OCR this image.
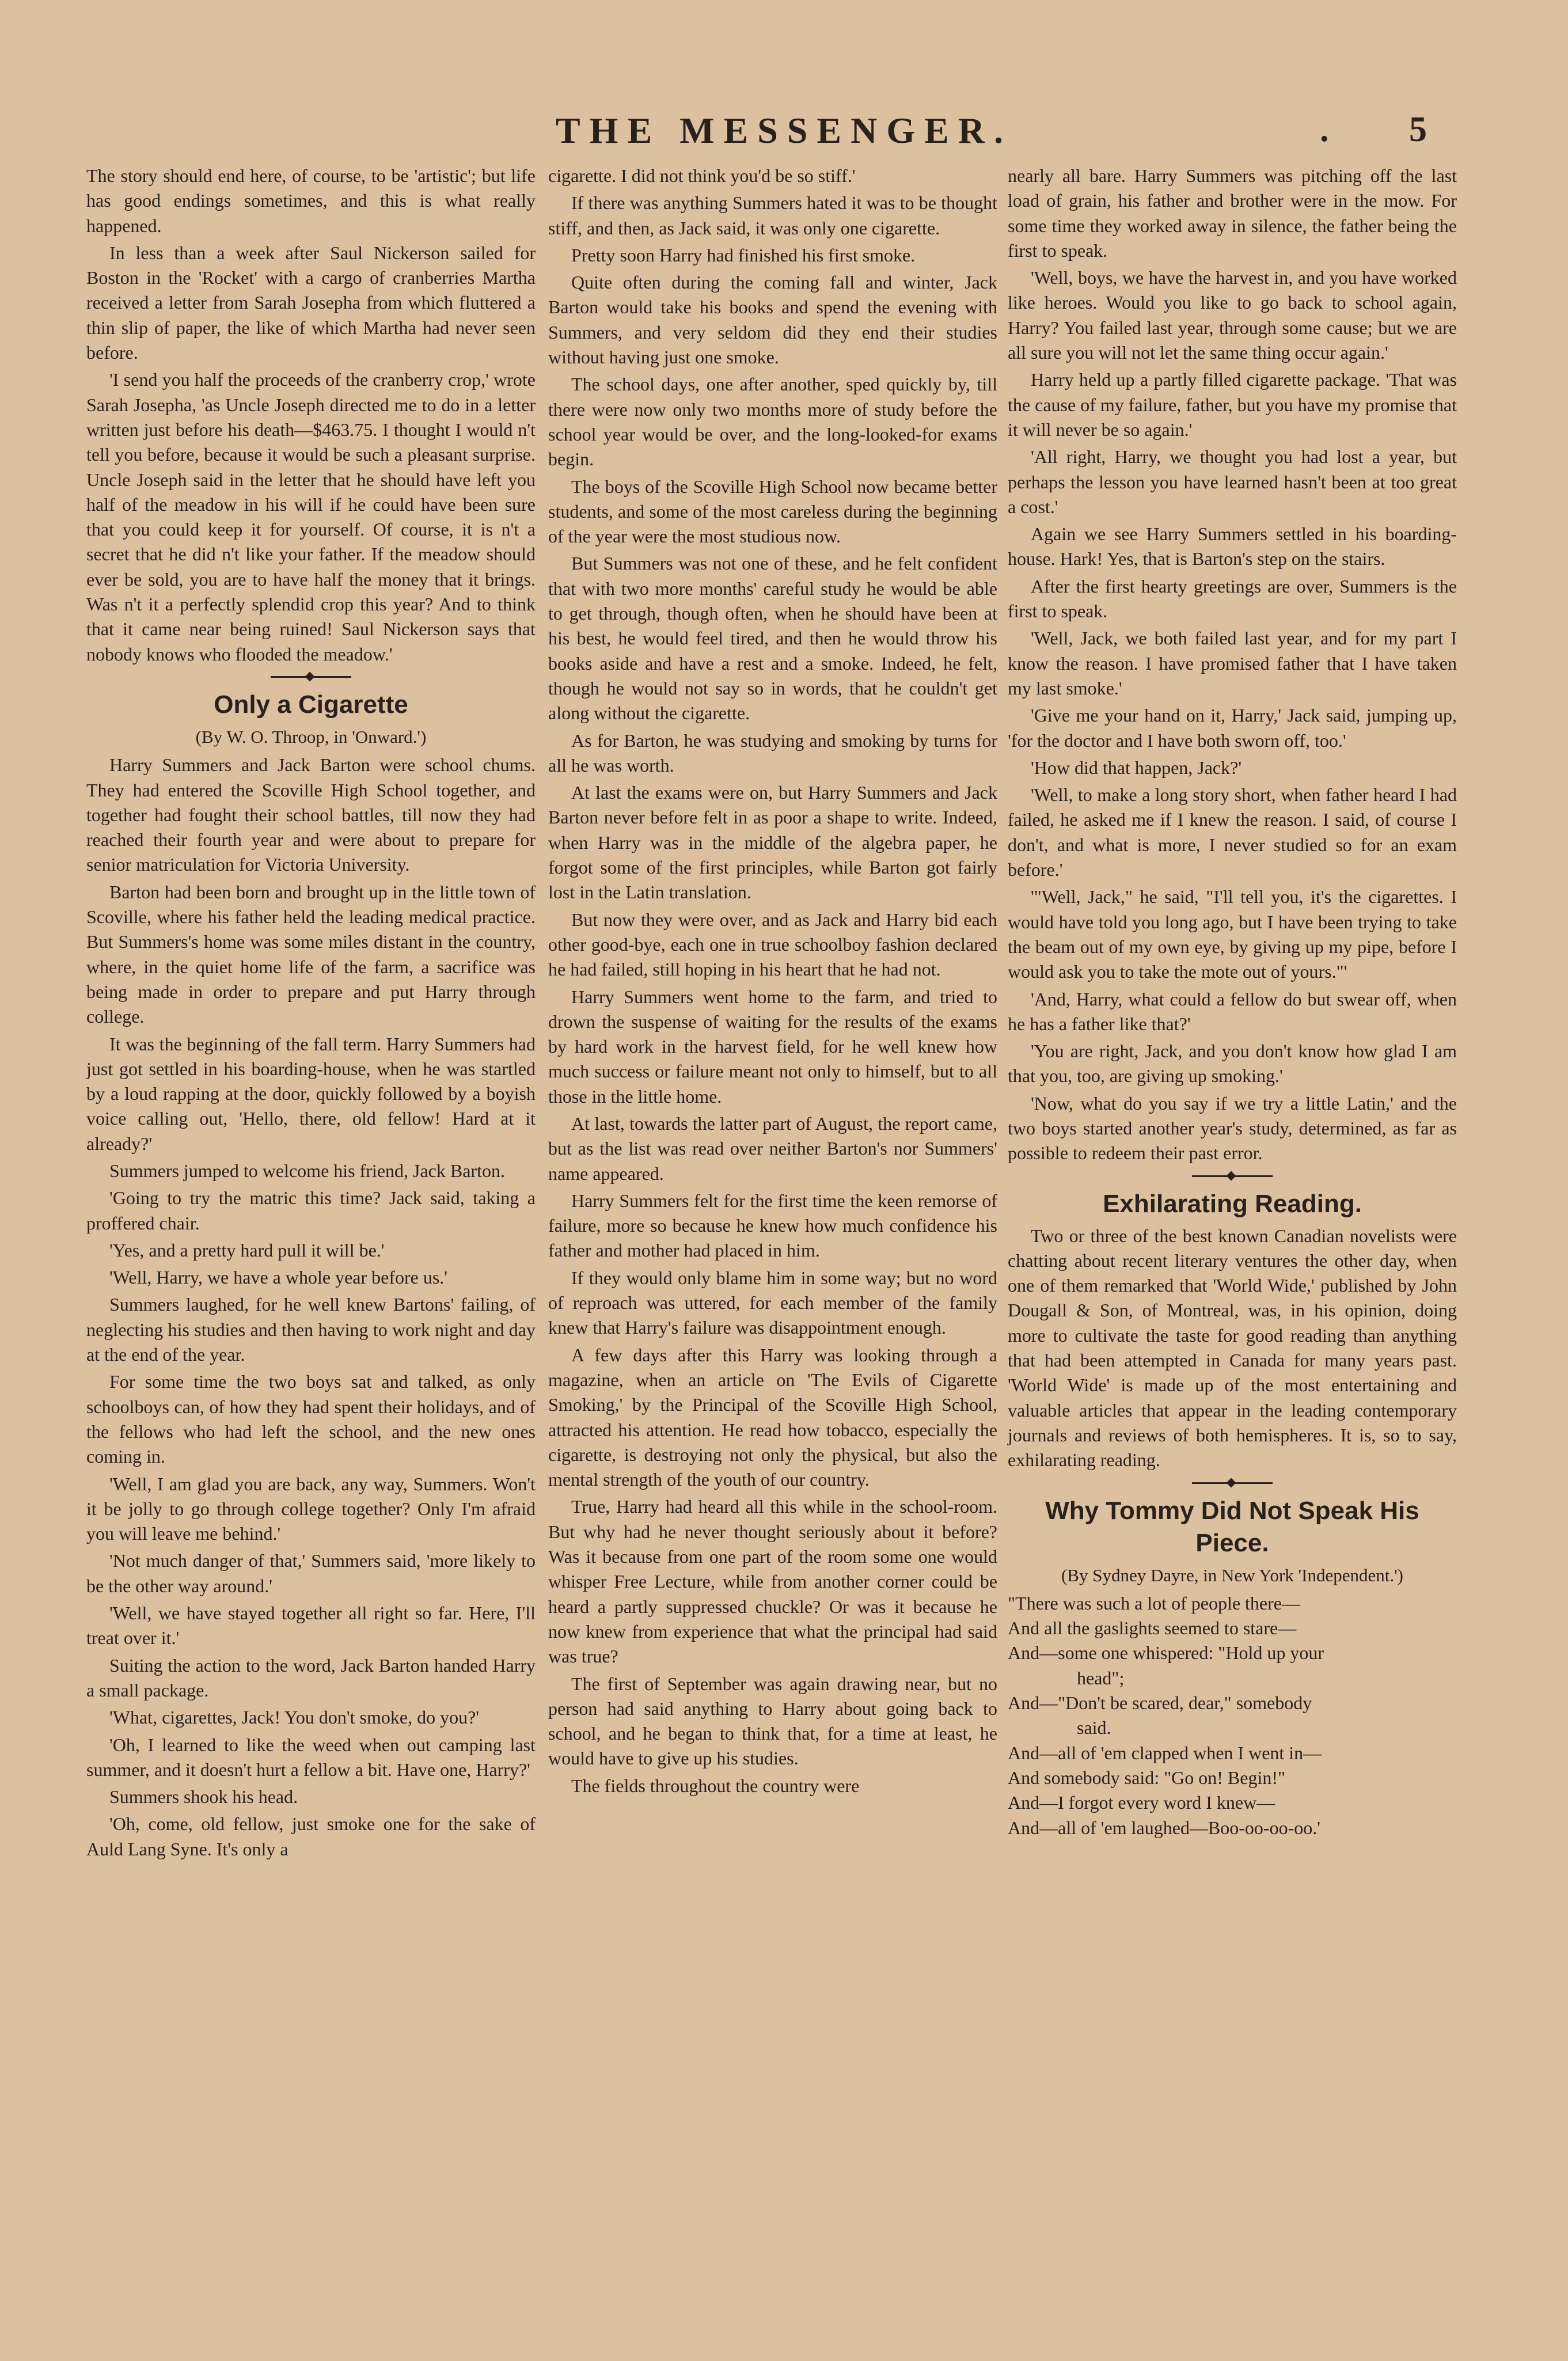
THE MESSENGER.	. 5

The story should end here, of course, to be 'artistic'; but life has good endings sometimes, and this is what really happened.

In less than a week after Saul Nickerson sailed for Boston in the 'Rocket' with a cargo of cranberries Martha received a letter from Sarah Josepha from which fluttered a thin slip of paper, the like of which Martha had never seen before.

'I send you half the proceeds of the cranberry crop,' wrote Sarah Josepha, 'as Uncle Joseph directed me to do in a letter written just before his death—$463.75. I thought I would n't tell you before, because it would be such a pleasant surprise. Uncle Joseph said in the letter that he should have left you half of the meadow in his will if he could have been sure that you could keep it for yourself. Of course, it is n't a secret that he did n't like your father. If the meadow should ever be sold, you are to have half the money that it brings. Was n't it a perfectly splendid crop this year? And to think that it came near being ruined! Saul Nickerson says that nobody knows who flooded the meadow.'

Only a Cigarette
(By W. O. Throop, in 'Onward.')

Harry Summers and Jack Barton were school chums. They had entered the Scoville High School together, and together had fought their school battles, till now they had reached their fourth year and were about to prepare for senior matriculation for Victoria University.

Barton had been born and brought up in the little town of Scoville, where his father held the leading medical practice. But Summers's home was some miles distant in the country, where, in the quiet home life of the farm, a sacrifice was being made in order to prepare and put Harry through college.

It was the beginning of the fall term. Harry Summers had just got settled in his boarding-house, when he was startled by a loud rapping at the door, quickly followed by a boyish voice calling out, 'Hello, there, old fellow! Hard at it already?'

Summers jumped to welcome his friend, Jack Barton.

'Going to try the matric this time? Jack said, taking a proffered chair.

'Yes, and a pretty hard pull it will be.'

'Well, Harry, we have a whole year before us.'

Summers laughed, for he well knew Bartons' failing, of neglecting his studies and then having to work night and day at the end of the year.

For some time the two boys sat and talked, as only schoolboys can, of how they had spent their holidays, and of the fellows who had left the school, and the new ones coming in.

'Well, I am glad you are back, any way, Summers. Won't it be jolly to go through college together? Only I'm afraid you will leave me behind.'

'Not much danger of that,' Summers said, 'more likely to be the other way around.'

'Well, we have stayed together all right so far. Here, I'll treat over it.'

Suiting the action to the word, Jack Barton handed Harry a small package.

'What, cigarettes, Jack! You don't smoke, do you?'

'Oh, I learned to like the weed when out camping last summer, and it doesn't hurt a fellow a bit. Have one, Harry?'

Summers shook his head.

'Oh, come, old fellow, just smoke one for the sake of Auld Lang Syne. It's only a

cigarette. I did not think you'd be so stiff.'

If there was anything Summers hated it was to be thought stiff, and then, as Jack said, it was only one cigarette.

Pretty soon Harry had finished his first smoke.

Quite often during the coming fall and winter, Jack Barton would take his books and spend the evening with Summers, and very seldom did they end their studies without having just one smoke.

The school days, one after another, sped quickly by, till there were now only two months more of study before the school year would be over, and the long-looked-for exams begin.

The boys of the Scoville High School now became better students, and some of the most careless during the beginning of the year were the most studious now.

But Summers was not one of these, and he felt confident that with two more months' careful study he would be able to get through, though often, when he should have been at his best, he would feel tired, and then he would throw his books aside and have a rest and a smoke. Indeed, he felt, though he would not say so in words, that he couldn't get along without the cigarette.

As for Barton, he was studying and smoking by turns for all he was worth.

At last the exams were on, but Harry Summers and Jack Barton never before felt in as poor a shape to write. Indeed, when Harry was in the middle of the algebra paper, he forgot some of the first principles, while Barton got fairly lost in the Latin translation.

But now they were over, and as Jack and Harry bid each other good-bye, each one in true schoolboy fashion declared he had failed, still hoping in his heart that he had not.

Harry Summers went home to the farm, and tried to drown the suspense of waiting for the results of the exams by hard work in the harvest field, for he well knew how much success or failure meant not only to himself, but to all those in the little home.

At last, towards the latter part of August, the report came, but as the list was read over neither Barton's nor Summers' name appeared.

Harry Summers felt for the first time the keen remorse of failure, more so because he knew how much confidence his father and mother had placed in him.

If they would only blame him in some way; but no word of reproach was uttered, for each member of the family knew that Harry's failure was disappointment enough.

A few days after this Harry was looking through a magazine, when an article on 'The Evils of Cigarette Smoking,' by the Principal of the Scoville High School, attracted his attention. He read how tobacco, especially the cigarette, is destroying not only the physical, but also the mental strength of the youth of our country.

True, Harry had heard all this while in the school-room. But why had he never thought seriously about it before? Was it because from one part of the room some one would whisper Free Lecture, while from another corner could be heard a partly suppressed chuckle? Or was it because he now knew from experience that what the principal had said was true?

The first of September was again drawing near, but no person had said anything to Harry about going back to school, and he began to think that, for a time at least, he would have to give up his studies.

The fields throughout the country were

nearly all bare. Harry Summers was pitching off the last load of grain, his father and brother were in the mow. For some time they worked away in silence, the father being the first to speak.

'Well, boys, we have the harvest in, and you have worked like heroes. Would you like to go back to school again, Harry? You failed last year, through some cause; but we are all sure you will not let the same thing occur again.'

Harry held up a partly filled cigarette package. 'That was the cause of my failure, father, but you have my promise that it will never be so again.'

'All right, Harry, we thought you had lost a year, but perhaps the lesson you have learned hasn't been at too great a cost.'

Again we see Harry Summers settled in his boarding-house. Hark! Yes, that is Barton's step on the stairs.

After the first hearty greetings are over, Summers is the first to speak.

'Well, Jack, we both failed last year, and for my part I know the reason. I have promised father that I have taken my last smoke.'

'Give me your hand on it, Harry,' Jack said, jumping up, 'for the doctor and I have both sworn off, too.'

'How did that happen, Jack?'

'Well, to make a long story short, when father heard I had failed, he asked me if I knew the reason. I said, of course I don't, and what is more, I never studied so for an exam before.'

'"Well, Jack," he said, "I'll tell you, it's the cigarettes. I would have told you long ago, but I have been trying to take the beam out of my own eye, by giving up my pipe, before I would ask you to take the mote out of yours."'

'And, Harry, what could a fellow do but swear off, when he has a father like that?'

'You are right, Jack, and you don't know how glad I am that you, too, are giving up smoking.'

'Now, what do you say if we try a little Latin,' and the two boys started another year's study, determined, as far as possible to redeem their past error.

Exhilarating Reading.

Two or three of the best known Canadian novelists were chatting about recent literary ventures the other day, when one of them remarked that 'World Wide,' published by John Dougall & Son, of Montreal, was, in his opinion, doing more to cultivate the taste for good reading than anything that had been attempted in Canada for many years past. 'World Wide' is made up of the most entertaining and valuable articles that appear in the leading contemporary journals and reviews of both hemispheres. It is, so to say, exhilarating reading.

Why Tommy Did Not Speak His Piece.
(By Sydney Dayre, in New York 'Independent.')

"There was such a lot of people there—

And all the gaslights seemed to stare—

And—some one whispered: "Hold up your

head";

And—"Don't be scared, dear," somebody

said.

And—all of 'em clapped when I went in—

And somebody said: "Go on! Begin!"

And—I forgot every word I knew—

And—all of 'em laughed—Boo-oo-oo-oo.'
